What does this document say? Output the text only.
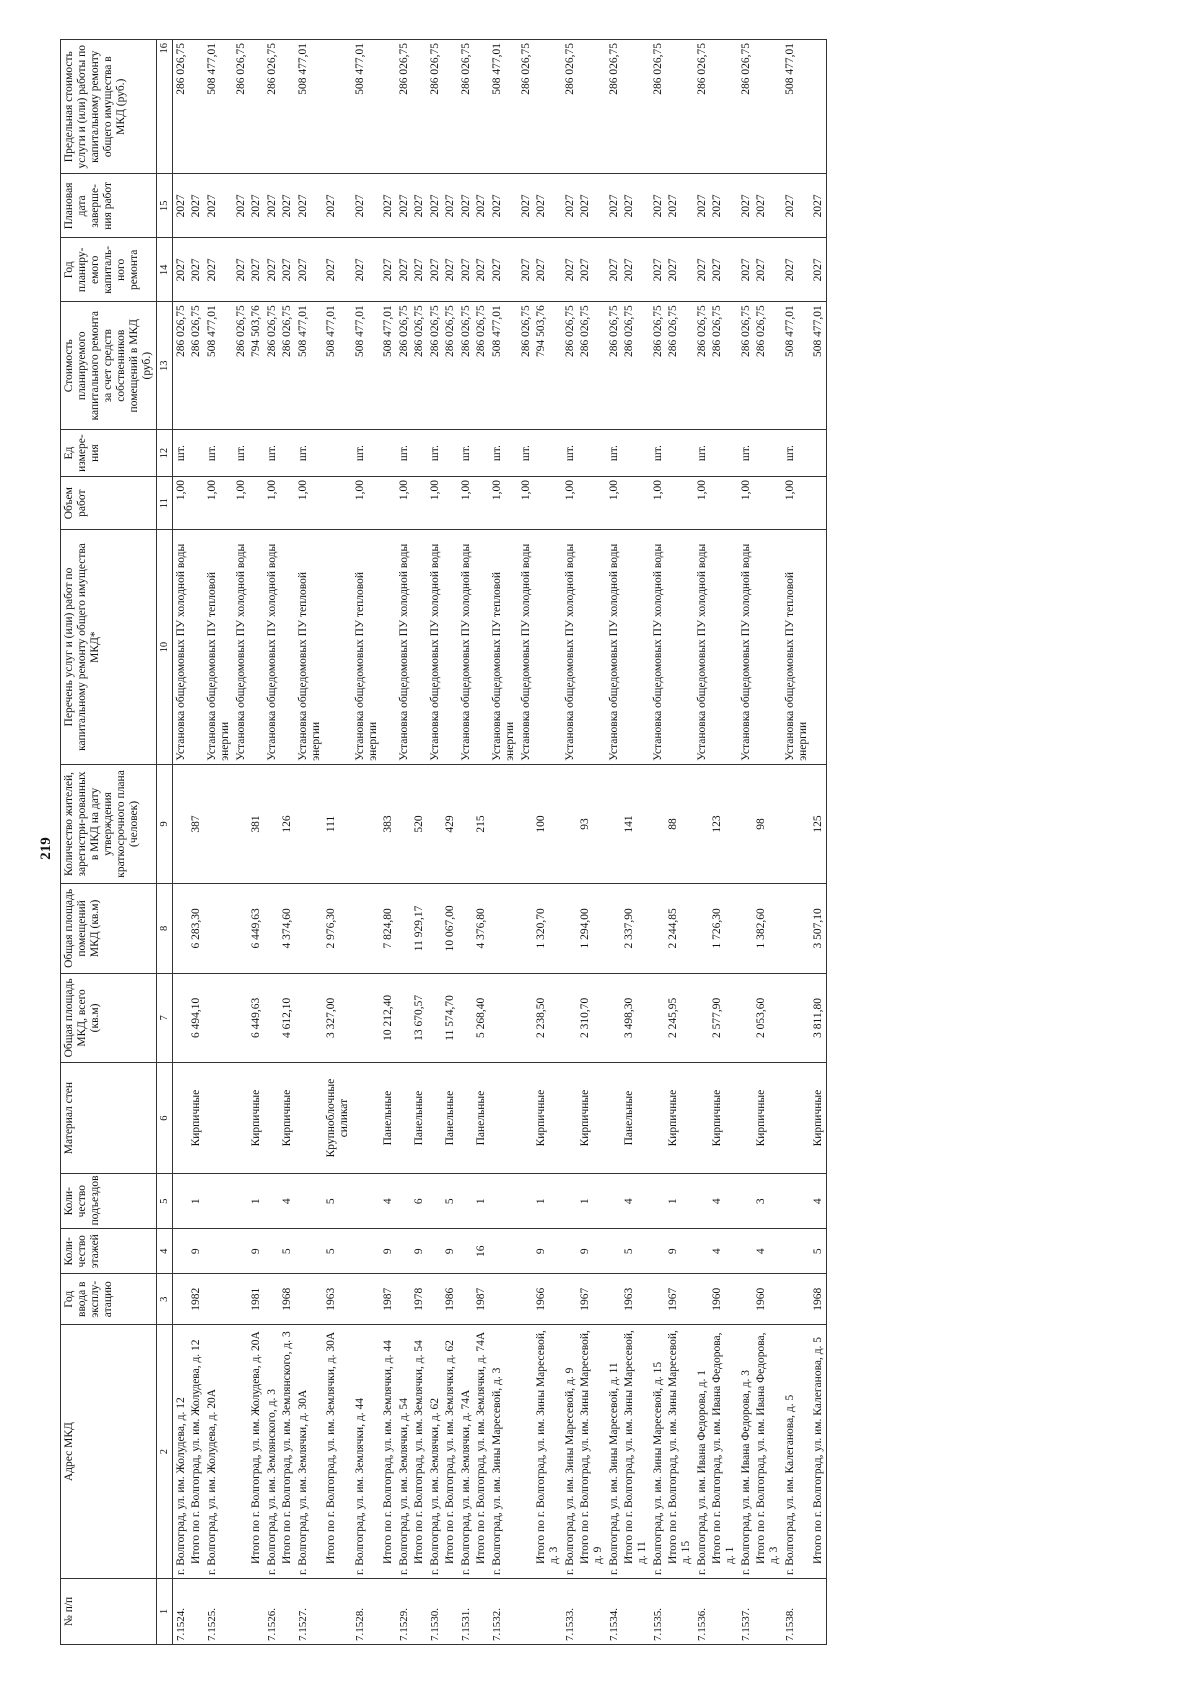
219
№ п/п	Адрес МКД	Год ввода в эксплу-атацию	Коли-чество этажей	Коли-чество подъездов	Материал стен	Общая площадь МКД, всего (кв.м)	Общая площадь помещений МКД (кв.м)	Количество жителей, зарегистри-рованных в МКД на дату утверждения краткосрочного плана (человек)	Перечень услуг и (или) работ по капитальному ремонту общего имущества МКД*	Объем работ	Ед измере-ния	Стоимость планируемого капитального ремонта за счет средств собственников помещений в МКД (руб.)	Год планиру-емого капиталь-ного ремонта	Плановая дата заверше-ния работ	Предельная стоимость услуги и (или) работы по капитальному ремонту общего имущества в МКД (руб.)
1	2	3	4	5	6	7	8	9	10	11	12	13	14	15	16
7.1524.	г. Волгоград, ул. им. Жолудева, д. 12								Установка общедомовых ПУ холодной воды	1,00	шт.	286 026,75	2027	2027	286 026,75
	Итого по г. Волгоград, ул. им. Жолудева, д. 12	1982	9	1	Кирпичные	6 494,10	6 283,30	387				286 026,75	2027	2027	
7.1525.	г. Волгоград, ул. им. Жолудева, д. 20А								Установка общедомовых ПУ тепловой энергии	1,00	шт.	508 477,01	2027	2027	508 477,01
									Установка общедомовых ПУ холодной воды	1,00	шт.	286 026,75	2027	2027	286 026,75
	Итого по г. Волгоград, ул. им. Жолудева, д. 20А	1981	9	1	Кирпичные	6 449,63	6 449,63	381				794 503,76	2027	2027	
7.1526.	г. Волгоград, ул. им. Землянского, д. 3								Установка общедомовых ПУ холодной воды	1,00	шт.	286 026,75	2027	2027	286 026,75
	Итого по г. Волгоград, ул. им. Землянского, д. 3	1968	5	4	Кирпичные	4 612,10	4 374,60	126				286 026,75	2027	2027	
7.1527.	г. Волгоград, ул. им. Землячки, д. 30А								Установка общедомовых ПУ тепловой энергии	1,00	шт.	508 477,01	2027	2027	508 477,01
	Итого по г. Волгоград, ул. им. Землячки, д. 30А	1963	5	5	Крупноблочные силикат	3 327,00	2 976,30	111				508 477,01	2027	2027	
7.1528.	г. Волгоград, ул. им. Землячки, д. 44								Установка общедомовых ПУ тепловой энергии	1,00	шт.	508 477,01	2027	2027	508 477,01
	Итого по г. Волгоград, ул. им. Землячки, д. 44	1987	9	4	Панельные	10 212,40	7 824,80	383				508 477,01	2027	2027	
7.1529.	г. Волгоград, ул. им. Землячки, д. 54								Установка общедомовых ПУ холодной воды	1,00	шт.	286 026,75	2027	2027	286 026,75
	Итого по г. Волгоград, ул. им. Землячки, д. 54	1978	9	6	Панельные	13 670,57	11 929,17	520				286 026,75	2027	2027	
7.1530.	г. Волгоград, ул. им. Землячки, д. 62								Установка общедомовых ПУ холодной воды	1,00	шт.	286 026,75	2027	2027	286 026,75
	Итого по г. Волгоград, ул. им. Землячки, д. 62	1986	9	5	Панельные	11 574,70	10 067,00	429				286 026,75	2027	2027	
7.1531.	г. Волгоград, ул. им. Землячки, д. 74А								Установка общедомовых ПУ холодной воды	1,00	шт.	286 026,75	2027	2027	286 026,75
	Итого по г. Волгоград, ул. им. Землячки, д. 74А	1987	16	1	Панельные	5 268,40	4 376,80	215				286 026,75	2027	2027	
7.1532.	г. Волгоград, ул. им. Зины Маресевой, д. 3								Установка общедомовых ПУ тепловой энергии	1,00	шт.	508 477,01	2027	2027	508 477,01
									Установка общедомовых ПУ холодной воды	1,00	шт.	286 026,75	2027	2027	286 026,75
	Итого по г. Волгоград, ул. им. Зины Маресевой, д. 3	1966	9	1	Кирпичные	2 238,50	1 320,70	100				794 503,76	2027	2027	
7.1533.	г. Волгоград, ул. им. Зины Маресевой, д. 9								Установка общедомовых ПУ холодной воды	1,00	шт.	286 026,75	2027	2027	286 026,75
	Итого по г. Волгоград, ул. им. Зины Маресевой, д. 9	1967	9	1	Кирпичные	2 310,70	1 294,00	93				286 026,75	2027	2027	
7.1534.	г. Волгоград, ул. им. Зины Маресевой, д. 11								Установка общедомовых ПУ холодной воды	1,00	шт.	286 026,75	2027	2027	286 026,75
	Итого по г. Волгоград, ул. им. Зины Маресевой, д. 11	1963	5	4	Панельные	3 498,30	2 337,90	141				286 026,75	2027	2027	
7.1535.	г. Волгоград, ул. им. Зины Маресевой, д. 15								Установка общедомовых ПУ холодной воды	1,00	шт.	286 026,75	2027	2027	286 026,75
	Итого по г. Волгоград, ул. им. Зины Маресевой, д. 15	1967	9	1	Кирпичные	2 245,95	2 244,85	88				286 026,75	2027	2027	
7.1536.	г. Волгоград, ул. им. Ивана Федорова, д. 1								Установка общедомовых ПУ холодной воды	1,00	шт.	286 026,75	2027	2027	286 026,75
	Итого по г. Волгоград, ул. им. Ивана Федорова, д. 1	1960	4	4	Кирпичные	2 577,90	1 726,30	123				286 026,75	2027	2027	
7.1537.	г. Волгоград, ул. им. Ивана Федорова, д. 3								Установка общедомовых ПУ холодной воды	1,00	шт.	286 026,75	2027	2027	286 026,75
	Итого по г. Волгоград, ул. им. Ивана Федорова, д. 3	1960	4	3	Кирпичные	2 053,60	1 382,60	98				286 026,75	2027	2027	
7.1538.	г. Волгоград, ул. им. Калеганова, д. 5								Установка общедомовых ПУ тепловой энергии	1,00	шт.	508 477,01	2027	2027	508 477,01
	Итого по г. Волгоград, ул. им. Калеганова, д. 5	1968	5	4	Кирпичные	3 811,80	3 507,10	125				508 477,01	2027	2027	
